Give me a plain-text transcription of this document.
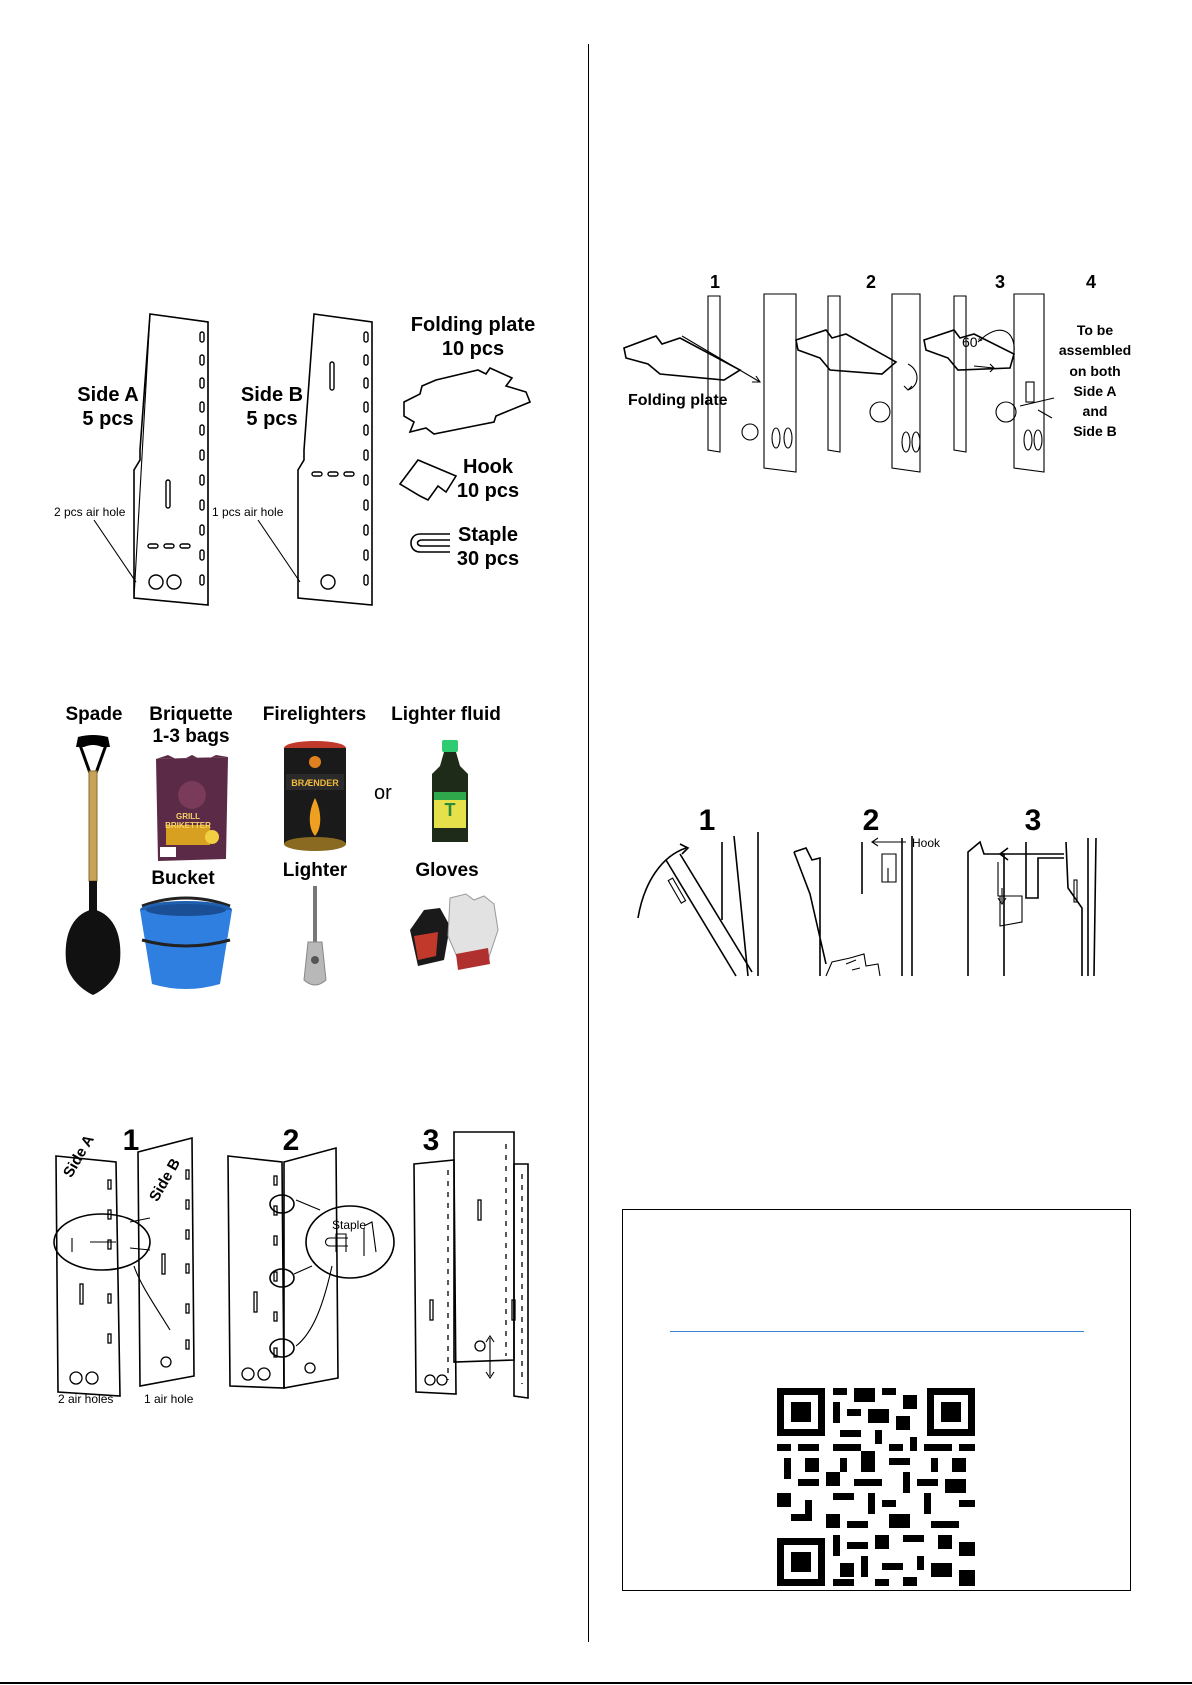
Side A
5 pcs
2 pcs air hole
Side B
5 pcs
1 pcs air hole
Folding plate
10 pcs
Hook
10 pcs
Staple
30 pcs
Spade	Briquette
1-3 bags
GRILL BRIKETTER
Firelighters
BRÆNDER	or
Lighter fluid
T
Bucket	Lighter	Gloves
1	2	3
Side A	Side B
2 air holes	1 air hole
Staple
1	2	3	4
Folding plate
60°
To be
assembled
on both
Side A
and
Side B
1	2	3
Hook
